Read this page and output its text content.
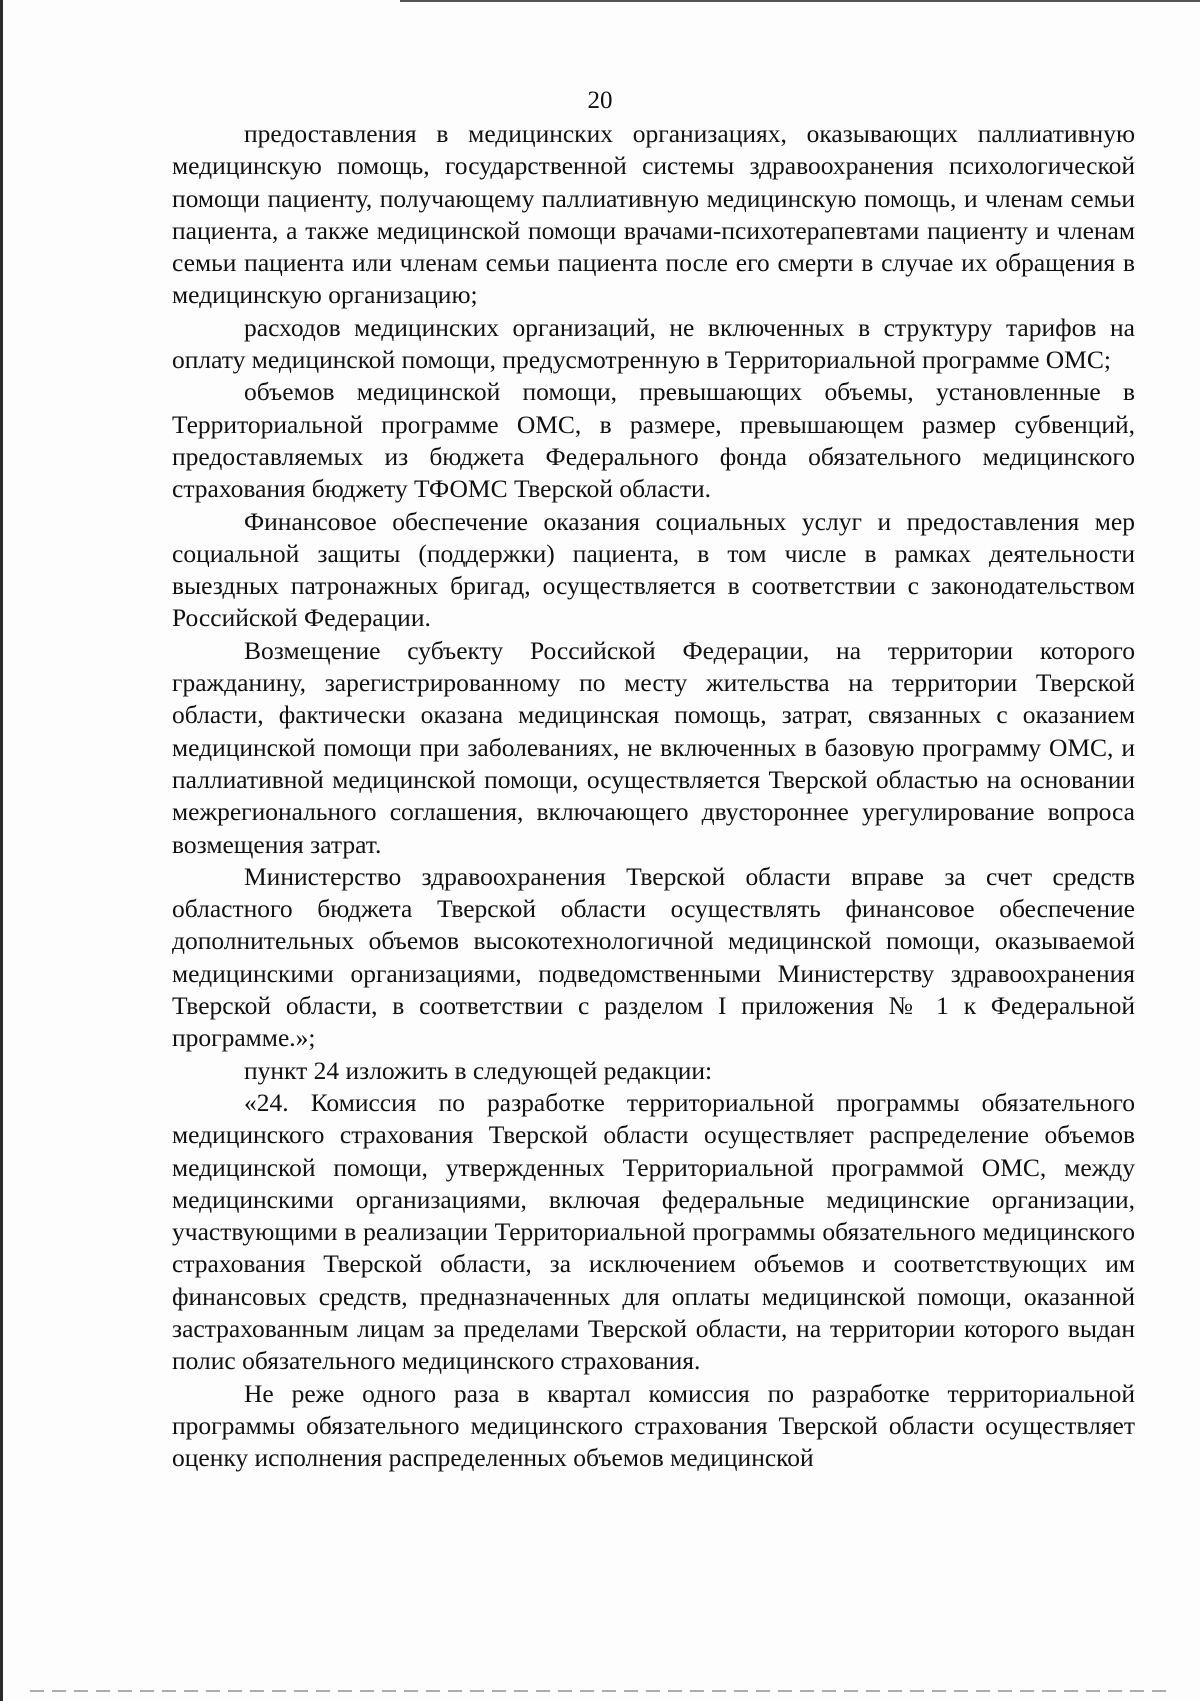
20

предоставления в медицинских организациях, оказывающих паллиативную медицинскую помощь, государственной системы здравоохранения психологической помощи пациенту, получающему паллиативную медицинскую помощь, и членам семьи пациента, а также медицинской помощи врачами-психотерапевтами пациенту и членам семьи пациента или членам семьи пациента после его смерти в случае их обращения в медицинскую организацию;

расходов медицинских организаций, не включенных в структуру тарифов на оплату медицинской помощи, предусмотренную в Территориальной программе ОМС;

объемов медицинской помощи, превышающих объемы, установленные в Территориальной программе ОМС, в размере, превышающем размер субвенций, предоставляемых из бюджета Федерального фонда обязательного медицинского страхования бюджету ТФОМС Тверской области.

Финансовое обеспечение оказания социальных услуг и предоставления мер социальной защиты (поддержки) пациента, в том числе в рамках деятельности выездных патронажных бригад, осуществляется в соответствии с законодательством Российской Федерации.

Возмещение субъекту Российской Федерации, на территории которого гражданину, зарегистрированному по месту жительства на территории Тверской области, фактически оказана медицинская помощь, затрат, связанных с оказанием медицинской помощи при заболеваниях, не включенных в базовую программу ОМС, и паллиативной медицинской помощи, осуществляется Тверской областью на основании межрегионального соглашения, включающего двустороннее урегулирование вопроса возмещения затрат.

Министерство здравоохранения Тверской области вправе за счет средств областного бюджета Тверской области осуществлять финансовое обеспечение дополнительных объемов высокотехнологичной медицинской помощи, оказываемой медицинскими организациями, подведомственными Министерству здравоохранения Тверской области, в соответствии с разделом I приложения № 1 к Федеральной программе.»;

пункт 24 изложить в следующей редакции:

«24. Комиссия по разработке территориальной программы обязательного медицинского страхования Тверской области осуществляет распределение объемов медицинской помощи, утвержденных Территориальной программой ОМС, между медицинскими организациями, включая федеральные медицинские организации, участвующими в реализации Территориальной программы обязательного медицинского страхования Тверской области, за исключением объемов и соответствующих им финансовых средств, предназначенных для оплаты медицинской помощи, оказанной застрахованным лицам за пределами Тверской области, на территории которого выдан полис обязательного медицинского страхования.

Не реже одного раза в квартал комиссия по разработке территориальной программы обязательного медицинского страхования Тверской области осуществляет оценку исполнения распределенных объемов медицинской
